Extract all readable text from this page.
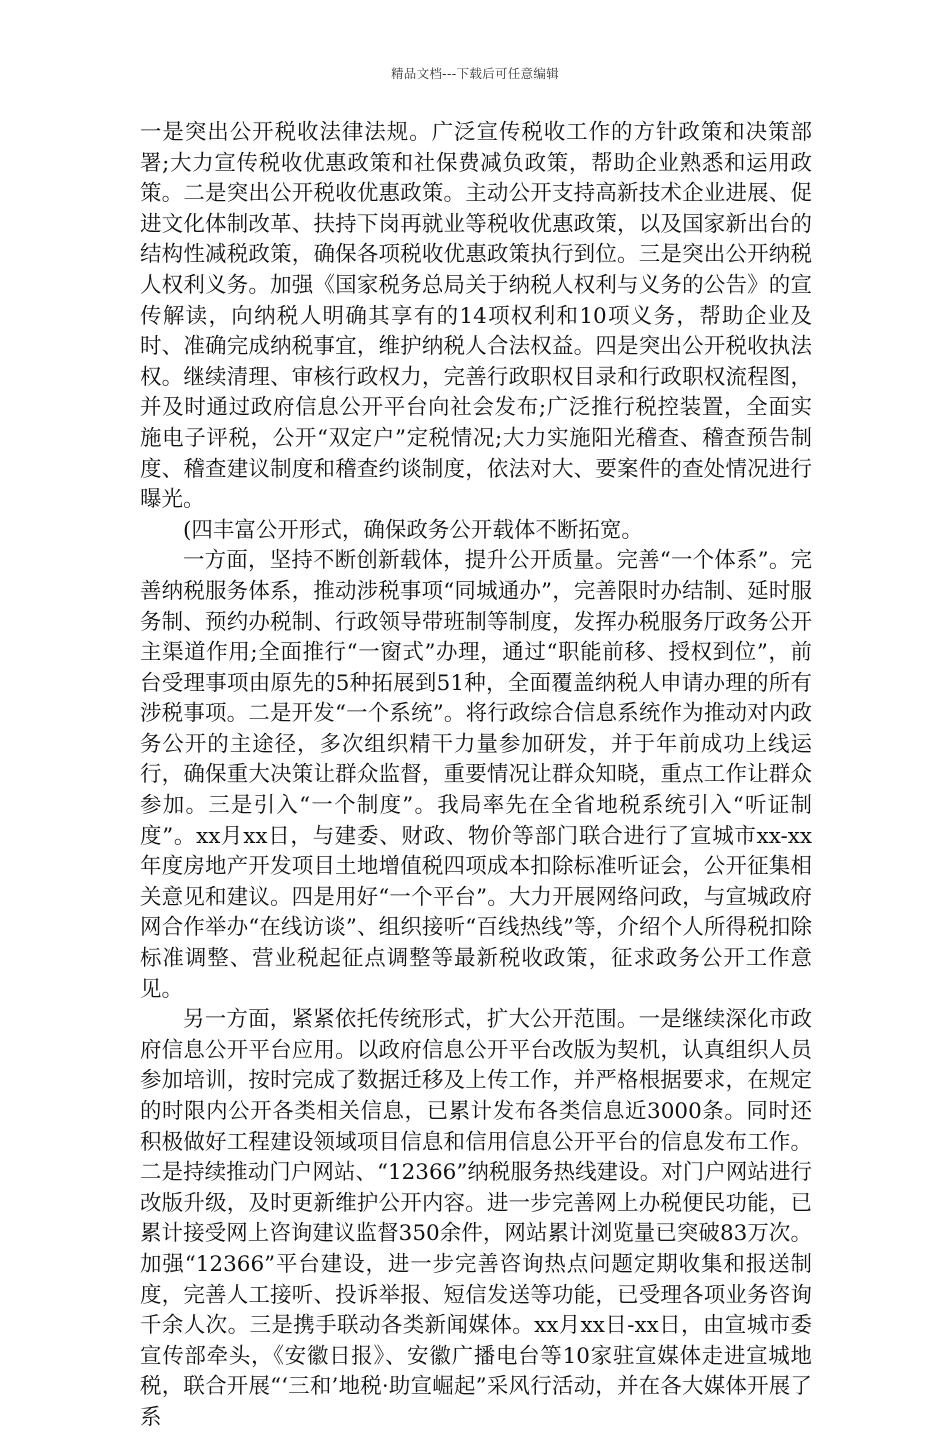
精品文档---下载后可任意编辑

一是突出公开税收法律法规。广泛宣传税收工作的方针政策和决策部署;大力宣传税收优惠政策和社保费减负政策，帮助企业熟悉和运用政策。二是突出公开税收优惠政策。主动公开支持高新技术企业进展、促进文化体制改革、扶持下岗再就业等税收优惠政策，以及国家新出台的结构性减税政策，确保各项税收优惠政策执行到位。三是突出公开纳税人权利义务。加强《国家税务总局关于纳税人权利与义务的公告》的宣传解读，向纳税人明确其享有的14项权利和10项义务，帮助企业及时、准确完成纳税事宜，维护纳税人合法权益。四是突出公开税收执法权。继续清理、审核行政权力，完善行政职权目录和行政职权流程图，并及时通过政府信息公开平台向社会发布;广泛推行税控装置，全面实施电子评税，公开“双定户”定税情况;大力实施阳光稽查、稽查预告制度、稽查建议制度和稽查约谈制度，依法对大、要案件的查处情况进行曝光。

(四丰富公开形式，确保政务公开载体不断拓宽。

一方面，坚持不断创新载体，提升公开质量。完善“一个体系”。完善纳税服务体系，推动涉税事项“同城通办”，完善限时办结制、延时服务制、预约办税制、行政领导带班制等制度，发挥办税服务厅政务公开主渠道作用;全面推行“一窗式”办理，通过“职能前移、授权到位”，前台受理事项由原先的5种拓展到51种，全面覆盖纳税人申请办理的所有涉税事项。二是开发“一个系统”。将行政综合信息系统作为推动对内政务公开的主途径，多次组织精干力量参加研发，并于年前成功上线运行，确保重大决策让群众监督，重要情况让群众知晓，重点工作让群众参加。三是引入“一个制度”。我局率先在全省地税系统引入“听证制度”。xx月xx日，与建委、财政、物价等部门联合进行了宣城市xx-xx年度房地产开发项目土地增值税四项成本扣除标准听证会，公开征集相关意见和建议。四是用好“一个平台”。大力开展网络问政，与宣城政府网合作举办“在线访谈”、组织接听“百线热线”等，介绍个人所得税扣除标准调整、营业税起征点调整等最新税收政策，征求政务公开工作意见。

另一方面，紧紧依托传统形式，扩大公开范围。一是继续深化市政府信息公开平台应用。以政府信息公开平台改版为契机，认真组织人员参加培训，按时完成了数据迁移及上传工作，并严格根据要求，在规定的时限内公开各类相关信息，已累计发布各类信息近3000条。同时还积极做好工程建设领域项目信息和信用信息公开平台的信息发布工作。二是持续推动门户网站、“12366”纳税服务热线建设。对门户网站进行改版升级，及时更新维护公开内容。进一步完善网上办税便民功能，已累计接受网上咨询建议监督350余件，网站累计浏览量已突破83万次。加强“12366”平台建设，进一步完善咨询热点问题定期收集和报送制度，完善人工接听、投诉举报、短信发送等功能，已受理各项业务咨询千余人次。三是携手联动各类新闻媒体。xx月xx日-xx日，由宣城市委宣传部牵头，《安徽日报》、安徽广播电台等10家驻宣媒体走进宣城地税，联合开展“‘三和’地税·助宣崛起”采风行活动，并在各大媒体开展了系
